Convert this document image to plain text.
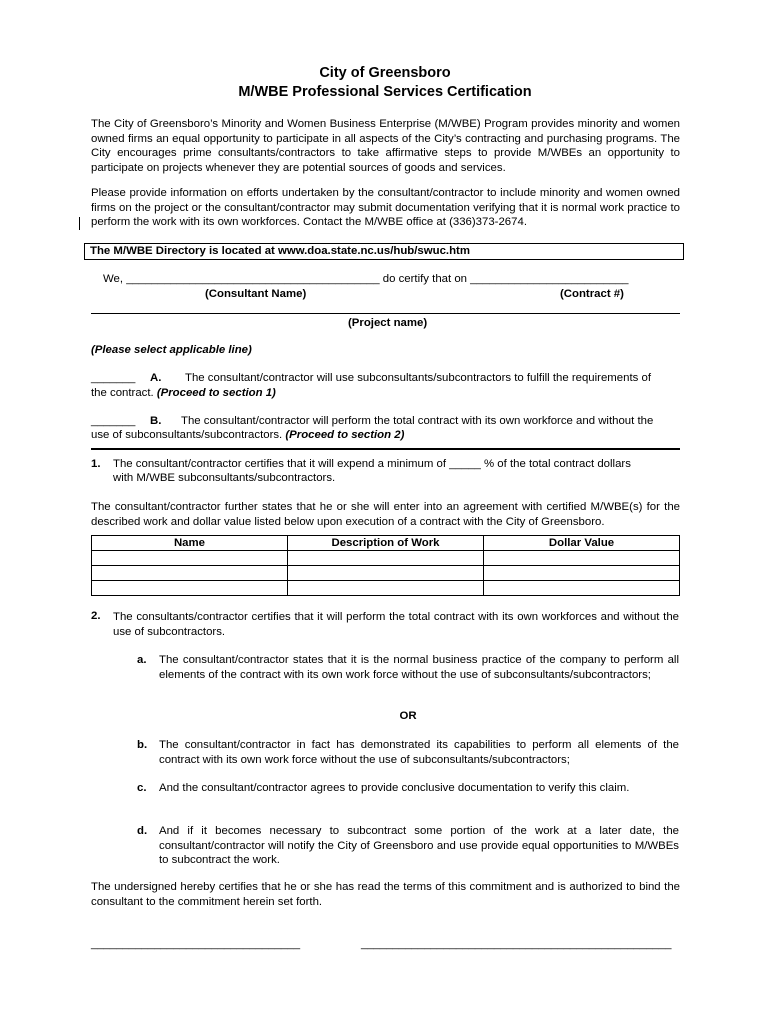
City of Greensboro
M/WBE Professional Services Certification
The City of Greensboro’s Minority and Women Business Enterprise (M/WBE) Program provides minority and women owned firms an equal opportunity to participate in all aspects of the City’s contracting and purchasing programs. The City encourages prime consultants/contractors to take affirmative steps to provide M/WBEs an opportunity to participate on projects whenever they are potential sources of goods and services.
Please provide information on efforts undertaken by the consultant/contractor to include minority and women owned firms on the project or the consultant/contractor may submit documentation verifying that it is normal work practice to perform the work with its own workforces. Contact the M/WBE office at (336)373-2674.
The M/WBE Directory is located at www.doa.state.nc.us/hub/swuc.htm
We, ________________________________________ do certify that on _________________________
(Consultant Name)	(Contract #)
(Project name)
(Please select applicable line)
_______ A. The consultant/contractor will use subconsultants/subcontractors to fulfill the requirements of
the contract. (Proceed to section 1)
_______ B. The consultant/contractor will perform the total contract with its own workforce and without the
use of subconsultants/subcontractors. (Proceed to section 2)
1. The consultant/contractor certifies that it will expend a minimum of _____ % of the total contract dollars
with M/WBE subconsultants/subcontractors.
The consultant/contractor further states that he or she will enter into an agreement with certified M/WBE(s) for the described work and dollar value listed below upon execution of a contract with the City of Greensboro.
Name	Description of Work	Dollar Value

2. The consultants/contractor certifies that it will perform the total contract with its own workforces and without the use of subcontractors.
a. The consultant/contractor states that it is the normal business practice of the company to perform all elements of the contract with its own work force without the use of subconsultants/subcontractors;
OR
b. The consultant/contractor in fact has demonstrated its capabilities to perform all elements of the contract with its own work force without the use of subconsultants/subcontractors;
c. And the consultant/contractor agrees to provide conclusive documentation to verify this claim.
d. And if it becomes necessary to subcontract some portion of the work at a later date, the consultant/contractor will notify the City of Greensboro and use provide equal opportunities to M/WBEs to subcontract the work.
The undersigned hereby certifies that he or she has read the terms of this commitment and is authorized to bind the consultant to the commitment herein set forth.
_________________________________	_________________________________________________
